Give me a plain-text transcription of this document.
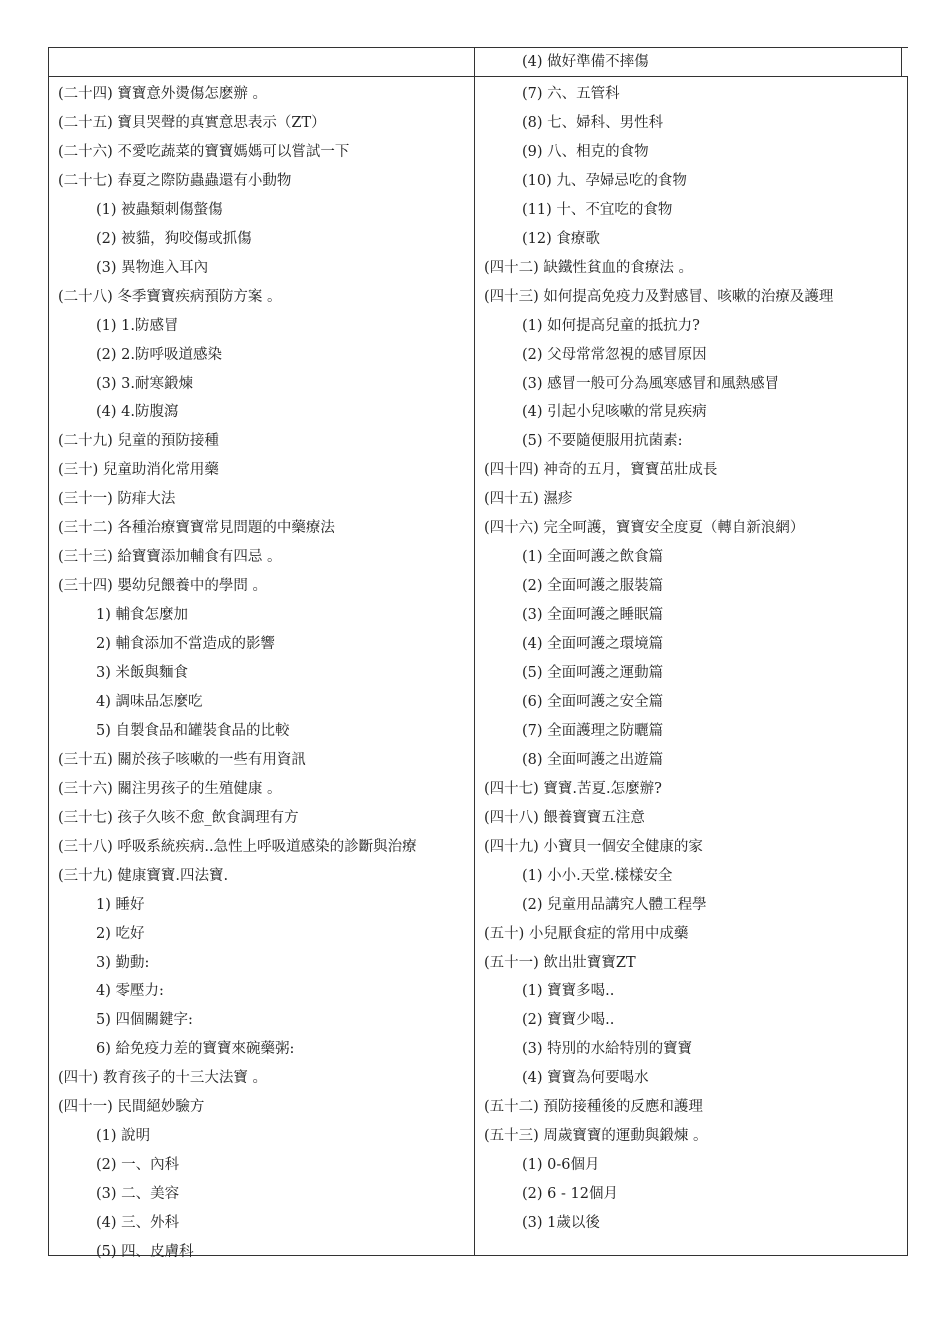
(4) 做好準備不摔傷
(二十四) 寶寶意外燙傷怎麽辦 。
(二十五) 寶貝哭聲的真實意思表示（ZT）
(二十六) 不愛吃蔬菜的寶寶媽媽可以嘗試一下
(二十七) 春夏之際防蟲蟲還有小動物
(1) 被蟲類刺傷螫傷
(2) 被貓，狗咬傷或抓傷
(3) 異物進入耳內
(二十八) 冬季寶寶疾病預防方案 。
(1) 1.防感冒
(2) 2.防呼吸道感染
(3) 3.耐寒鍛煉
(4) 4.防腹瀉
(二十九) 兒童的預防接種
(三十) 兒童助消化常用藥
(三十一) 防痱大法
(三十二) 各種治療寶寶常見問題的中藥療法
(三十三) 給寶寶添加輔食有四忌 。
(三十四) 嬰幼兒餵養中的學問 。
1) 輔食怎麼加
2) 輔食添加不當造成的影響
3) 米飯與麵食
4) 調味品怎麼吃
5) 自製食品和罐裝食品的比較
(三十五) 關於孩子咳嗽的一些有用資訊
(三十六) 關注男孩子的生殖健康 。
(三十七) 孩子久咳不愈_飲食調理有方
(三十八) 呼吸系統疾病..急性上呼吸道感染的診斷與治療
(三十九) 健康寶寶.四法寶.
1) 睡好
2) 吃好
3) 勤動:
4) 零壓力:
5) 四個關鍵字:
6) 給免疫力差的寶寶來碗藥粥:
(四十) 教育孩子的十三大法寶 。
(四十一) 民間絕妙驗方
(1) 說明
(2) 一、內科
(3) 二、美容
(4) 三、外科
(5) 四、皮膚科
(7) 六、五管科
(8) 七、婦科、男性科
(9) 八、相克的食物
(10) 九、孕婦忌吃的食物
(11) 十、不宜吃的食物
(12) 食療歌
(四十二) 缺鐵性貧血的食療法 。
(四十三) 如何提高免疫力及對感冒、咳嗽的治療及護理
(1) 如何提高兒童的抵抗力?
(2) 父母常常忽視的感冒原因
(3) 感冒一般可分為風寒感冒和風熱感冒
(4) 引起小兒咳嗽的常見疾病
(5) 不要隨便服用抗菌素:
(四十四) 神奇的五月，寶寶茁壯成長
(四十五) 濕疹
(四十六) 完全呵護，寶寶安全度夏（轉自新浪網）
(1) 全面呵護之飲食篇
(2) 全面呵護之服裝篇
(3) 全面呵護之睡眠篇
(4) 全面呵護之環境篇
(5) 全面呵護之運動篇
(6) 全面呵護之安全篇
(7) 全面護理之防曬篇
(8) 全面呵護之出遊篇
(四十七) 寶寶.苦夏.怎麼辦?
(四十八) 餵養寶寶五注意
(四十九) 小寶貝一個安全健康的家
(1) 小小.天堂.樣樣安全
(2) 兒童用品講究人體工程學
(五十) 小兒厭食症的常用中成藥
(五十一) 飲出壯寶寶ZT
(1) 寶寶多喝..
(2) 寶寶少喝..
(3) 特別的水給特別的寶寶
(4) 寶寶為何要喝水
(五十二) 預防接種後的反應和護理
(五十三) 周歲寶寶的運動與鍛煉 。
(1) 0-6個月
(2) 6 - 12個月
(3) 1歲以後
